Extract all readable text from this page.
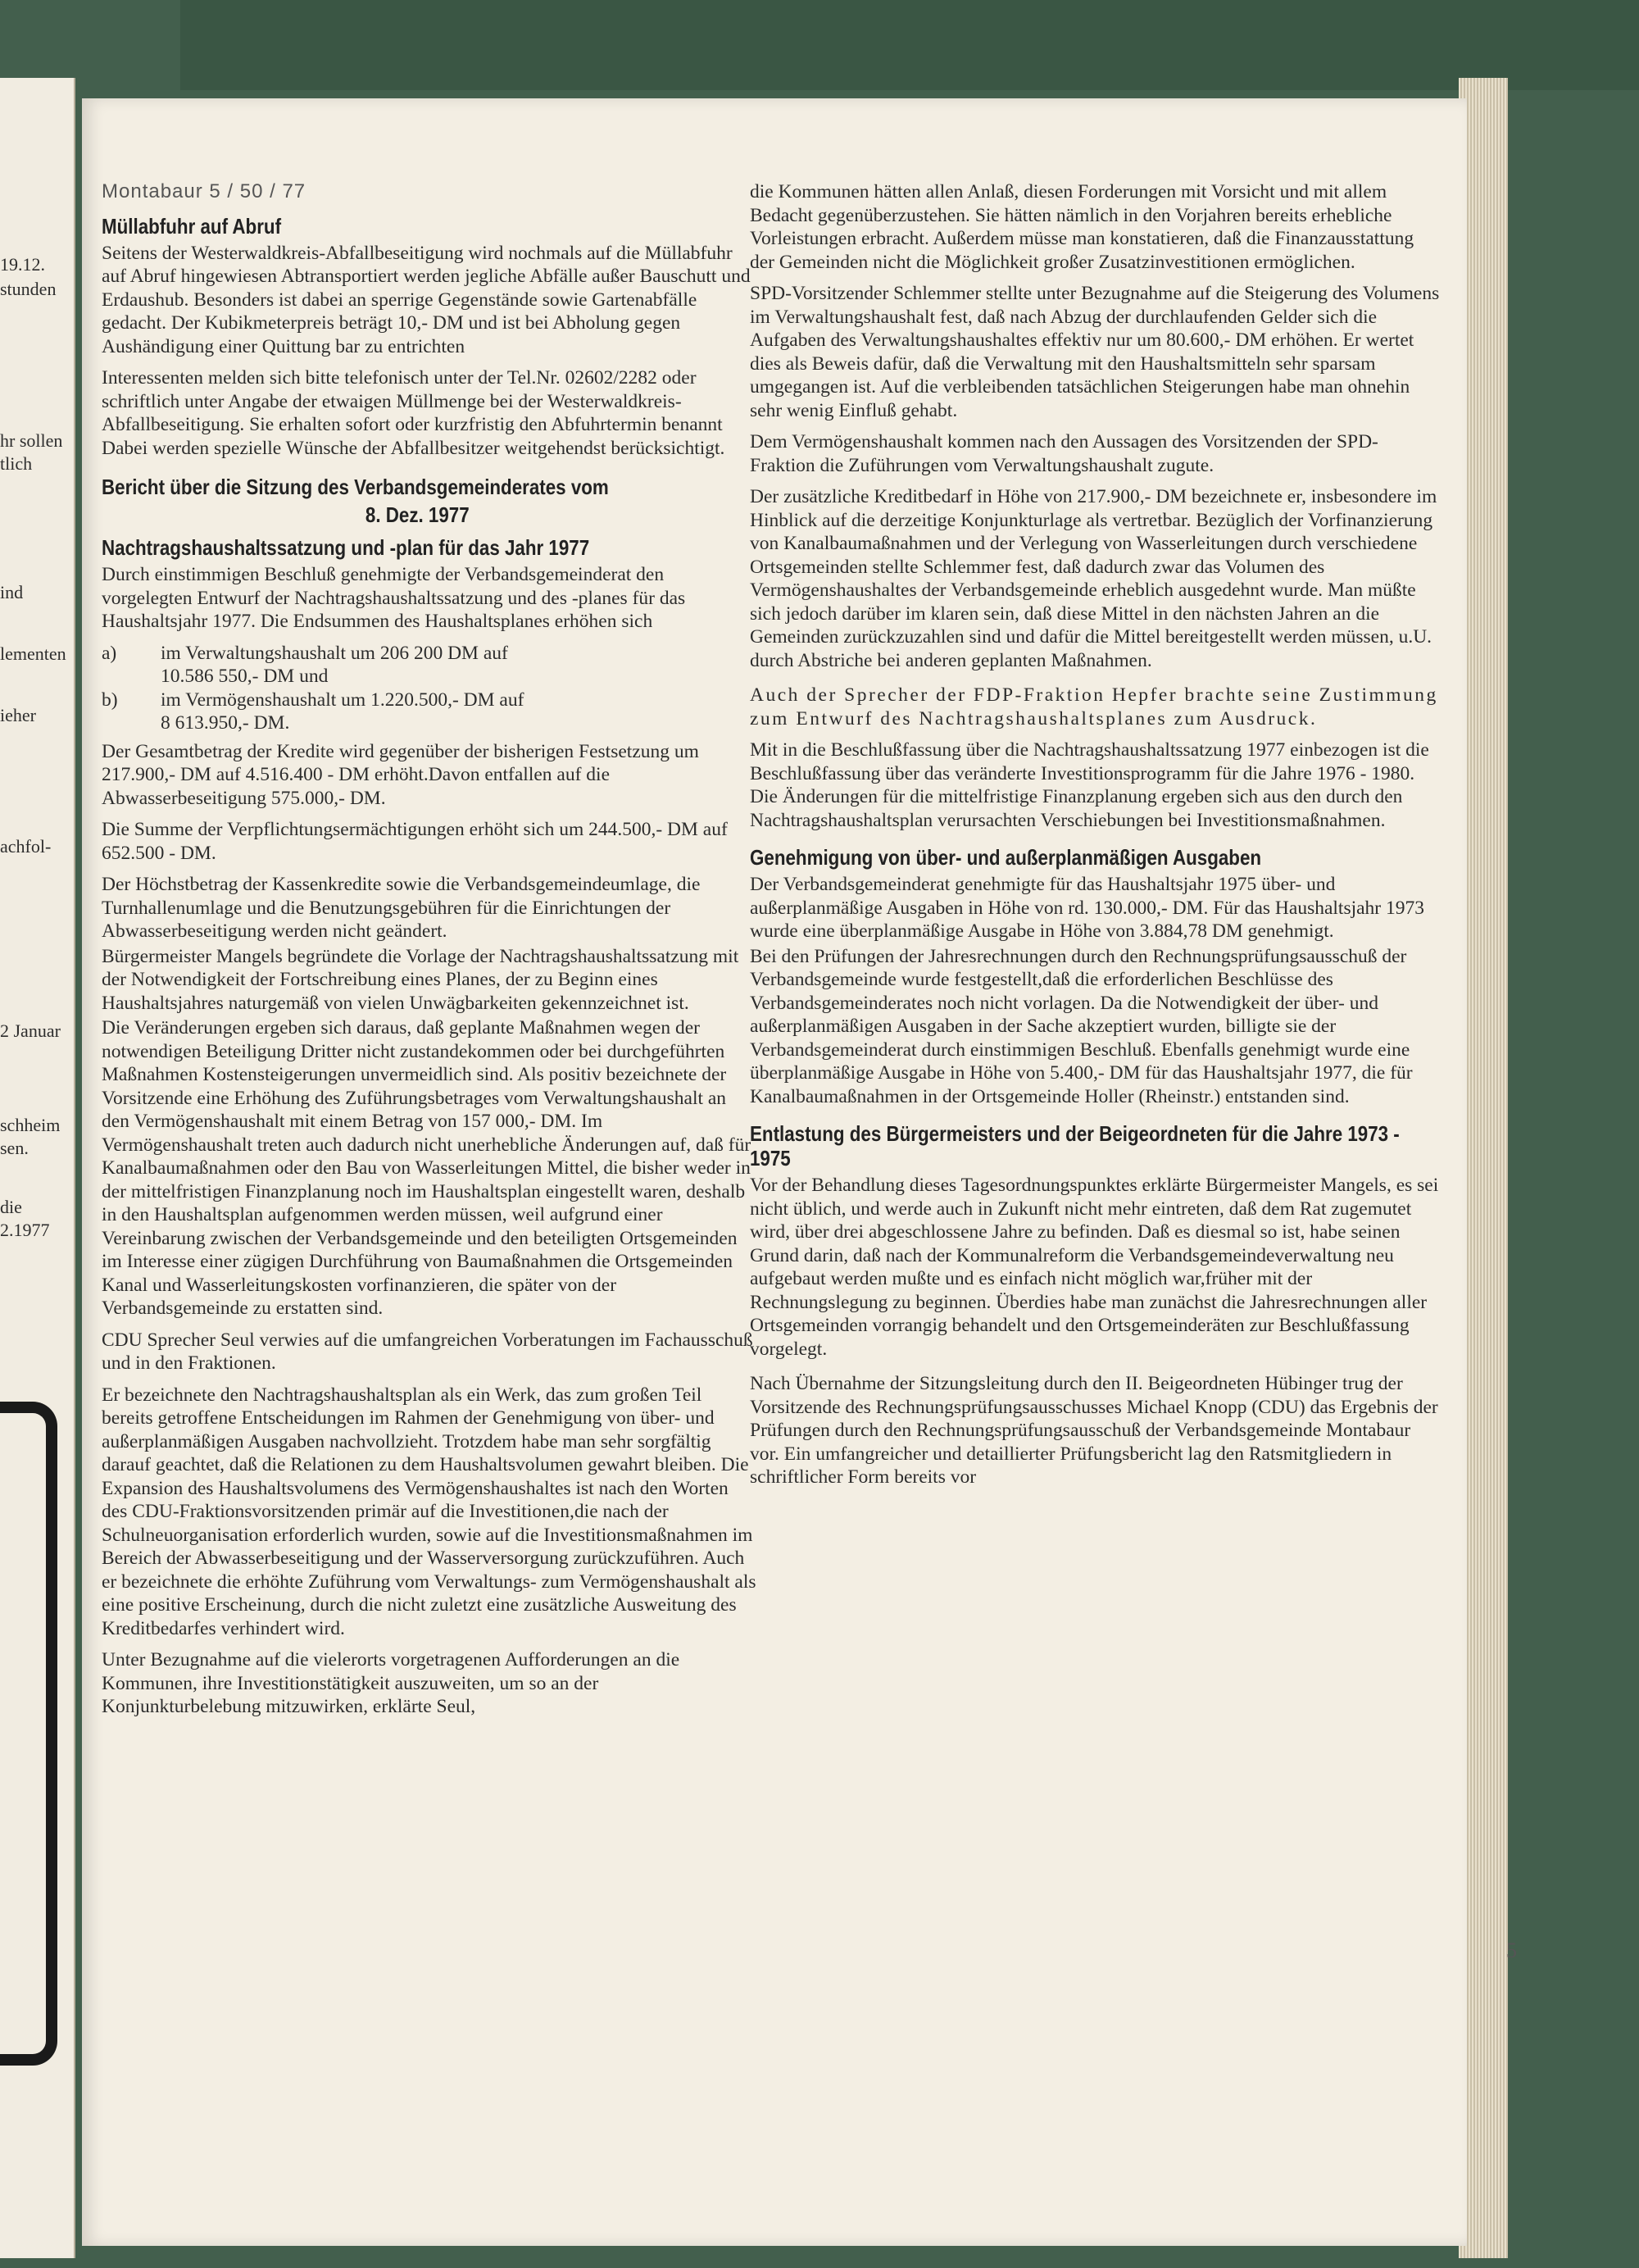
19.12.
stunden
hr sollen
tlich
ind
lementen
ieher
achfol-
2 Januar
schheim
sen.
die
2.1977
Montabaur 5 / 50 / 77
Müllabfuhr auf Abruf

Seitens der Westerwaldkreis-Abfallbeseitigung wird nochmals auf die Müllabfuhr auf Abruf hingewiesen Abtransportiert werden jegliche Abfälle außer Bauschutt und Erdaushub. Besonders ist dabei an sperrige Gegenstände sowie Gartenabfälle gedacht. Der Kubikmeterpreis beträgt 10,- DM und ist bei Abholung gegen Aushändigung einer Quittung bar zu entrichten

Interessenten melden sich bitte telefonisch unter der Tel.Nr. 02602/2282 oder schriftlich unter Angabe der etwaigen Müllmenge bei der Westerwaldkreis-Abfallbeseitigung. Sie erhalten sofort oder kurzfristig den Abfuhrtermin benannt Dabei werden spezielle Wünsche der Abfallbesitzer weitgehendst berücksichtigt.

Bericht über die Sitzung des Verbandsgemeinderates vom
8. Dez. 1977
Nachtragshaushaltssatzung und -plan für das Jahr 1977

Durch einstimmigen Beschluß genehmigte der Verbandsgemeinderat den vorgelegten Entwurf der Nachtragshaushaltssatzung und des -planes für das Haushaltsjahr 1977. Die Endsummen des Haushaltsplanes erhöhen sich

a)	im Verwaltungshaushalt um 206 200 DM auf
10.586 550,- DM und
b)	im Vermögenshaushalt um 1.220.500,- DM auf
8 613.950,- DM.

Der Gesamtbetrag der Kredite wird gegenüber der bisherigen Festsetzung um 217.900,- DM auf 4.516.400 - DM erhöht.Davon entfallen auf die Abwasserbeseitigung 575.000,- DM.

Die Summe der Verpflichtungsermächtigungen erhöht sich um 244.500,- DM auf 652.500 - DM.

Der Höchstbetrag der Kassenkredite sowie die Verbandsgemeindeumlage, die Turnhallenumlage und die Benutzungsgebühren für die Einrichtungen der Abwasserbeseitigung werden nicht geändert.

Bürgermeister Mangels begründete die Vorlage der Nachtragshaushaltssatzung mit der Notwendigkeit der Fortschreibung eines Planes, der zu Beginn eines Haushaltsjahres naturgemäß von vielen Unwägbarkeiten gekennzeichnet ist.

Die Veränderungen ergeben sich daraus, daß geplante Maßnahmen wegen der notwendigen Beteiligung Dritter nicht zustandekommen oder bei durchgeführten Maßnahmen Kostensteigerungen unvermeidlich sind. Als positiv bezeichnete der Vorsitzende eine Erhöhung des Zuführungsbetrages vom Verwaltungshaushalt an den Vermögenshaushalt mit einem Betrag von 157 000,- DM. Im Vermögenshaushalt treten auch dadurch nicht unerhebliche Änderungen auf, daß für Kanalbaumaßnahmen oder den Bau von Wasserleitungen Mittel, die bisher weder in der mittelfristigen Finanzplanung noch im Haushaltsplan eingestellt waren, deshalb in den Haushaltsplan aufgenommen werden müssen, weil aufgrund einer Vereinbarung zwischen der Verbandsgemeinde und den beteiligten Ortsgemeinden im Interesse einer zügigen Durchführung von Baumaßnahmen die Ortsgemeinden Kanal und Wasserleitungskosten vorfinanzieren, die später von der Verbandsgemeinde zu erstatten sind.

CDU Sprecher Seul verwies auf die umfangreichen Vorberatungen im Fachausschuß und in den Fraktionen.

Er bezeichnete den Nachtragshaushaltsplan als ein Werk, das zum großen Teil bereits getroffene Entscheidungen im Rahmen der Genehmigung von über- und außerplanmäßigen Ausgaben nachvollzieht. Trotzdem habe man sehr sorgfältig darauf geachtet, daß die Relationen zu dem Haushaltsvolumen gewahrt bleiben. Die Expansion des Haushaltsvolumens des Vermögenshaushaltes ist nach den Worten des CDU-Fraktionsvorsitzenden primär auf die Investitionen,die nach der Schulneuorganisation erforderlich wurden, sowie auf die Investitionsmaßnahmen im Bereich der Abwasserbeseitigung und der Wasserversorgung zurückzuführen. Auch er bezeichnete die erhöhte Zuführung vom Verwaltungs- zum Vermögenshaushalt als eine positive Erscheinung, durch die nicht zuletzt eine zusätzliche Ausweitung des Kreditbedarfes verhindert wird.

Unter Bezugnahme auf die vielerorts vorgetragenen Aufforderungen an die Kommunen, ihre Investitionstätigkeit auszuweiten, um so an der Konjunkturbelebung mitzuwirken, erklärte Seul,

die Kommunen hätten allen Anlaß, diesen Forderungen mit Vorsicht und mit allem Bedacht gegenüberzustehen. Sie hätten nämlich in den Vorjahren bereits erhebliche Vorleistungen erbracht. Außerdem müsse man konstatieren, daß die Finanzausstattung der Gemeinden nicht die Möglichkeit großer Zusatzinvestitionen ermöglichen.

SPD-Vorsitzender Schlemmer stellte unter Bezugnahme auf die Steigerung des Volumens im Verwaltungshaushalt fest, daß nach Abzug der durchlaufenden Gelder sich die Aufgaben des Verwaltungshaushaltes effektiv nur um 80.600,- DM erhöhen. Er wertet dies als Beweis dafür, daß die Verwaltung mit den Haushaltsmitteln sehr sparsam umgegangen ist. Auf die verbleibenden tatsächlichen Steigerungen habe man ohnehin sehr wenig Einfluß gehabt.

Dem Vermögenshaushalt kommen nach den Aussagen des Vorsitzenden der SPD-Fraktion die Zuführungen vom Verwaltungshaushalt zugute.

Der zusätzliche Kreditbedarf in Höhe von 217.900,- DM bezeichnete er, insbesondere im Hinblick auf die derzeitige Konjunkturlage als vertretbar. Bezüglich der Vorfinanzierung von Kanalbaumaßnahmen und der Verlegung von Wasserleitungen durch verschiedene Ortsgemeinden stellte Schlemmer fest, daß dadurch zwar das Volumen des Vermögenshaushaltes der Verbandsgemeinde erheblich ausgedehnt wurde. Man müßte sich jedoch darüber im klaren sein, daß diese Mittel in den nächsten Jahren an die Gemeinden zurückzuzahlen sind und dafür die Mittel bereitgestellt werden müssen, u.U. durch Abstriche bei anderen geplanten Maßnahmen.

Auch der Sprecher der FDP-Fraktion Hepfer brachte seine Zustimmung zum Entwurf des Nachtragshaushaltsplanes zum Ausdruck.

Mit in die Beschlußfassung über die Nachtragshaushaltssatzung 1977 einbezogen ist die Beschlußfassung über das veränderte Investitionsprogramm für die Jahre 1976 - 1980. Die Änderungen für die mittelfristige Finanzplanung ergeben sich aus den durch den Nachtragshaushaltsplan verursachten Verschiebungen bei Investitionsmaßnahmen.

Genehmigung von über- und außerplanmäßigen Ausgaben

Der Verbandsgemeinderat genehmigte für das Haushaltsjahr 1975 über- und außerplanmäßige Ausgaben in Höhe von rd. 130.000,- DM. Für das Haushaltsjahr 1973 wurde eine überplanmäßige Ausgabe in Höhe von 3.884,78 DM genehmigt.

Bei den Prüfungen der Jahresrechnungen durch den Rechnungsprüfungsausschuß der Verbandsgemeinde wurde festgestellt,daß die erforderlichen Beschlüsse des Verbandsgemeinderates noch nicht vorlagen. Da die Notwendigkeit der über- und außerplanmäßigen Ausgaben in der Sache akzeptiert wurden, billigte sie der Verbandsgemeinderat durch einstimmigen Beschluß. Ebenfalls genehmigt wurde eine überplanmäßige Ausgabe in Höhe von 5.400,- DM für das Haushaltsjahr 1977, die für Kanalbaumaßnahmen in der Ortsgemeinde Holler (Rheinstr.) entstanden sind.

Entlastung des Bürgermeisters und der Beigeordneten für die Jahre 1973 - 1975

Vor der Behandlung dieses Tagesordnungspunktes erklärte Bürgermeister Mangels, es sei nicht üblich, und werde auch in Zukunft nicht mehr eintreten, daß dem Rat zugemutet wird, über drei abgeschlossene Jahre zu befinden. Daß es diesmal so ist, habe seinen Grund darin, daß nach der Kommunalreform die Verbandsgemeindeverwaltung neu aufgebaut werden mußte und es einfach nicht möglich war,früher mit der Rechnungslegung zu beginnen. Überdies habe man zunächst die Jahresrechnungen aller Ortsgemeinden vorrangig behandelt und den Ortsgemeinderäten zur Beschlußfassung vorgelegt.

Nach Übernahme der Sitzungsleitung durch den II. Beigeordneten Hübinger trug der Vorsitzende des Rechnungsprüfungsausschusses Michael Knopp (CDU) das Ergebnis der Prüfungen durch den Rechnungsprüfungsausschuß der Verbandsgemeinde Montabaur vor. Ein umfangreicher und detaillierter Prüfungsbericht lag den Ratsmitgliedern in schriftlicher Form bereits vor

5
